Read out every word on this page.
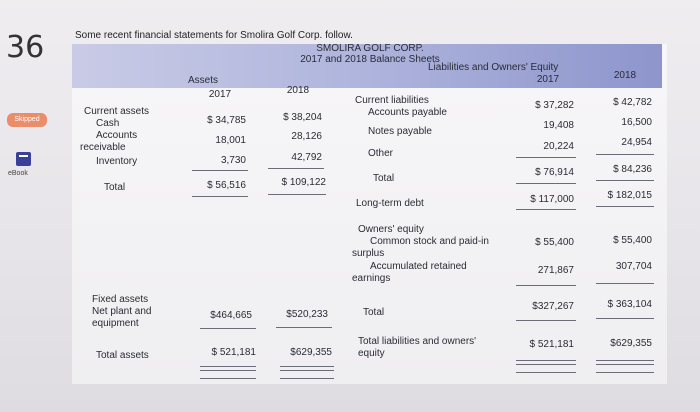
36
Skipped
eBook
Some recent financial statements for Smolira Golf Corp. follow.
SMOLIRA GOLF CORP.
2017 and 2018 Balance Sheets
Assets
Liabilities and Owners' Equity
2017	2018
2017	2018
Current assets
Cash	$ 34,785	$ 38,204
Accounts
receivable
18,001	28,126
Inventory	3,730	42,792
Total	$ 56,516	$ 109,122
Fixed assets
Net plant and
equipment
$464,665	$520,233
Total assets	$ 521,181	$629,355
Current liabilities
Accounts payable
$ 37,282	$ 42,782
Notes payable
19,408	16,500
Other
20,224	24,954
Total
$ 76,914	$ 84,236
Long-term debt	$ 117,000	$ 182,015
Owners' equity
Common stock and paid-in
surplus
$ 55,400	$ 55,400
Accumulated retained
earnings
271,867	307,704
Total
$327,267	$ 363,104
Total liabilities and owners'
equity
$ 521,181	$629,355
